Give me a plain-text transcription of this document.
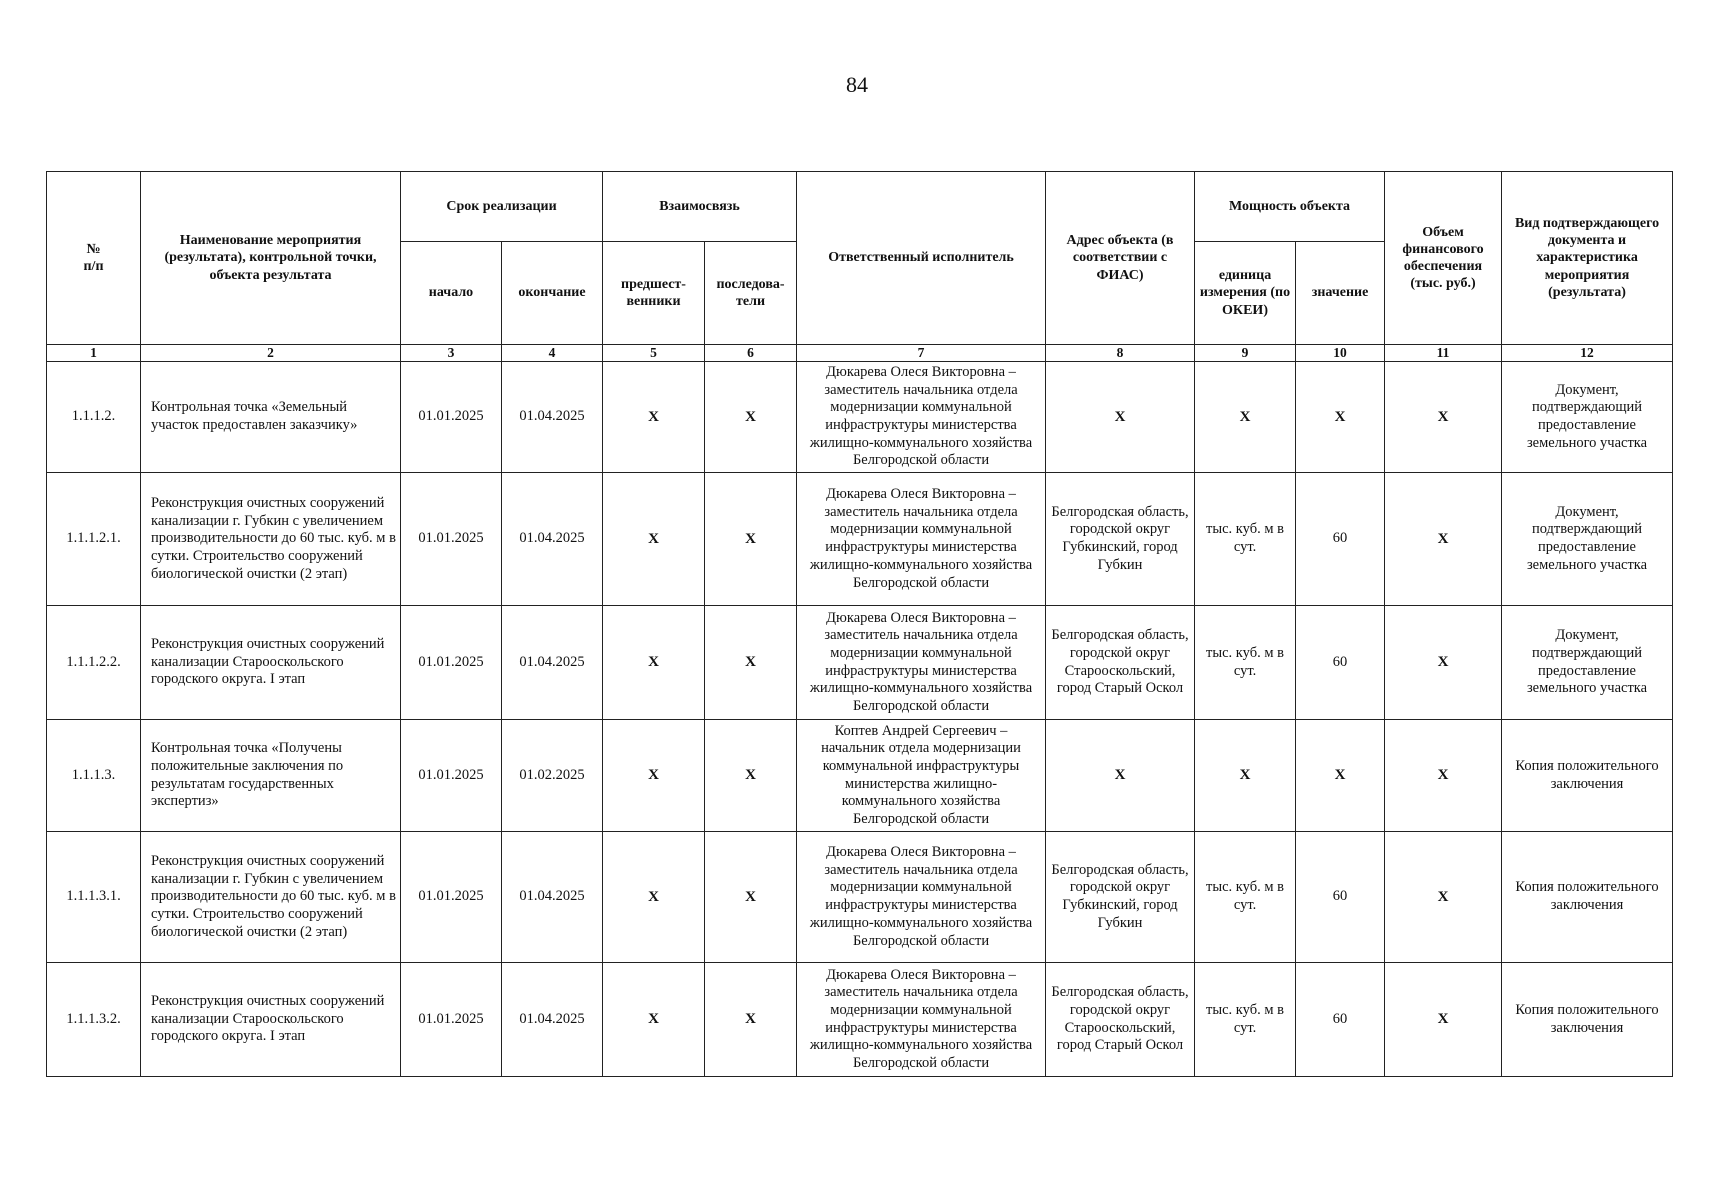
84
№
п/п	Наименование мероприятия (результата), контрольной точки, объекта результата	Срок реализации		Взаимосвязь		Ответственный исполнитель	Адрес объекта (в соответствии с ФИАС)	Мощность объекта		Объем финансового обеспечения (тыс. руб.)	Вид подтверждающего документа и характеристика мероприятия (результата)
		начало	окончание	предшест-венники	последова-тели			единица измерения (по ОКЕИ)	значение		
1	2	3	4	5	6	7	8	9	10	11	12
1.1.1.2.	Контрольная точка «Земельный участок предоставлен заказчику»	01.01.2025	01.04.2025	X	X	Дюкарева Олеся Викторовна – заместитель начальника отдела модернизации коммунальной инфраструктуры министерства жилищно-коммунального хозяйства Белгородской области	X	X	X	X	Документ, подтверждающий предоставление земельного участка
1.1.1.2.1.	Реконструкция очистных сооружений канализации г. Губкин с увеличением производительности до 60 тыс. куб. м в сутки. Строительство сооружений биологической очистки (2 этап)	01.01.2025	01.04.2025	X	X	Дюкарева Олеся Викторовна – заместитель начальника отдела модернизации коммунальной инфраструктуры министерства жилищно-коммунального хозяйства Белгородской области	Белгородская область, городской округ Губкинский, город Губкин	тыс. куб. м в сут.	60	X	Документ, подтверждающий предоставление земельного участка
1.1.1.2.2.	Реконструкция очистных сооружений канализации Старооскольского городского округа. I этап	01.01.2025	01.04.2025	X	X	Дюкарева Олеся Викторовна – заместитель начальника отдела модернизации коммунальной инфраструктуры министерства жилищно-коммунального хозяйства Белгородской области	Белгородская область, городской округ Старооскольский, город Старый Оскол	тыс. куб. м в сут.	60	X	Документ, подтверждающий предоставление земельного участка
1.1.1.3.	Контрольная точка «Получены положительные заключения по результатам государственных экспертиз»	01.01.2025	01.02.2025	X	X	Коптев Андрей Сергеевич – начальник отдела модернизации коммунальной инфраструктуры министерства жилищно-коммунального хозяйства Белгородской области	X	X	X	X	Копия положительного заключения
1.1.1.3.1.	Реконструкция очистных сооружений канализации г. Губкин с увеличением производительности до 60 тыс. куб. м в сутки. Строительство сооружений биологической очистки (2 этап)	01.01.2025	01.04.2025	X	X	Дюкарева Олеся Викторовна – заместитель начальника отдела модернизации коммунальной инфраструктуры министерства жилищно-коммунального хозяйства Белгородской области	Белгородская область, городской округ Губкинский, город Губкин	тыс. куб. м в сут.	60	X	Копия положительного заключения
1.1.1.3.2.	Реконструкция очистных сооружений канализации Старооскольского городского округа. I этап	01.01.2025	01.04.2025	X	X	Дюкарева Олеся Викторовна – заместитель начальника отдела модернизации коммунальной инфраструктуры министерства жилищно-коммунального хозяйства Белгородской области	Белгородская область, городской округ Старооскольский, город Старый Оскол	тыс. куб. м в сут.	60	X	Копия положительного заключения
